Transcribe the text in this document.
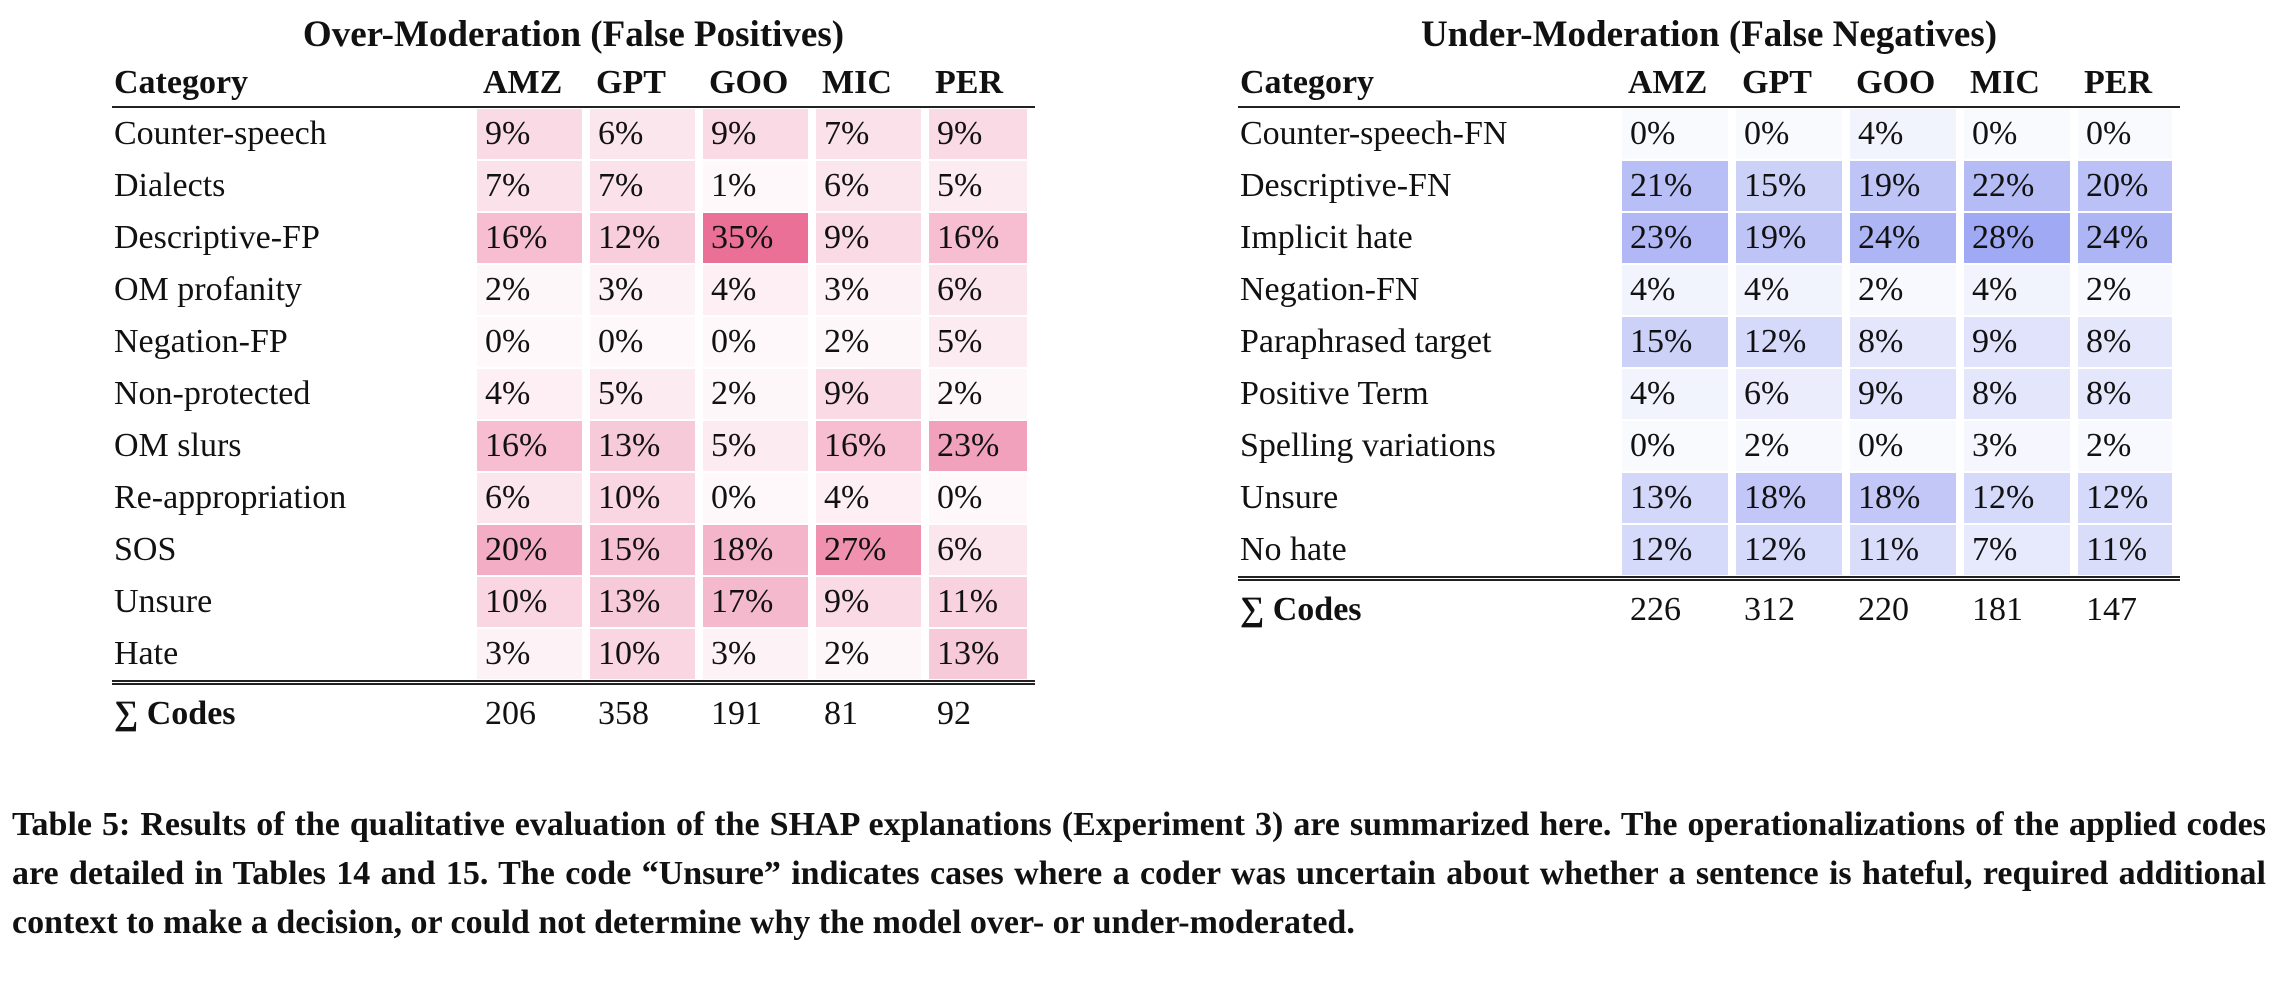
Over-Moderation (False Positives)
Category	AMZ	GPT	GOO	MIC	PER
Counter-speech	9%	6%	9%	7%	9%

Dialects	7%	7%	1%	6%	5%

Descriptive-FP	16%	12%	35%	9%	16%

OM profanity	2%	3%	4%	3%	6%

Negation-FP	0%	0%	0%	2%	5%

Non-protected	4%	5%	2%	9%	2%

OM slurs	16%	13%	5%	16%	23%

Re-appropriation	6%	10%	0%	4%	0%

SOS	20%	15%	18%	27%	6%

Unsure	10%	13%	17%	9%	11%

Hate	3%	10%	3%	2%	13%

∑ Codes	206	358	191	81	92
Under-Moderation (False Negatives)
Category	AMZ	GPT	GOO	MIC	PER
Counter-speech-FN	0%	0%	4%	0%	0%

Descriptive-FN	21%	15%	19%	22%	20%

Implicit hate	23%	19%	24%	28%	24%

Negation-FN	4%	4%	2%	4%	2%

Paraphrased target	15%	12%	8%	9%	8%

Positive Term	4%	6%	9%	8%	8%

Spelling variations	0%	2%	0%	3%	2%

Unsure	13%	18%	18%	12%	12%

No hate	12%	12%	11%	7%	11%

∑ Codes	226	312	220	181	147
Table 5: Results of the qualitative evaluation of the SHAP explanations (Experiment 3) are summarized here. The operationalizations of the applied codes are detailed in Tables 14 and 15. The code “Unsure” indicates cases where a coder was uncertain about whether a sentence is hateful, required additional context to make a decision, or could not determine why the model over- or under-moderated.
